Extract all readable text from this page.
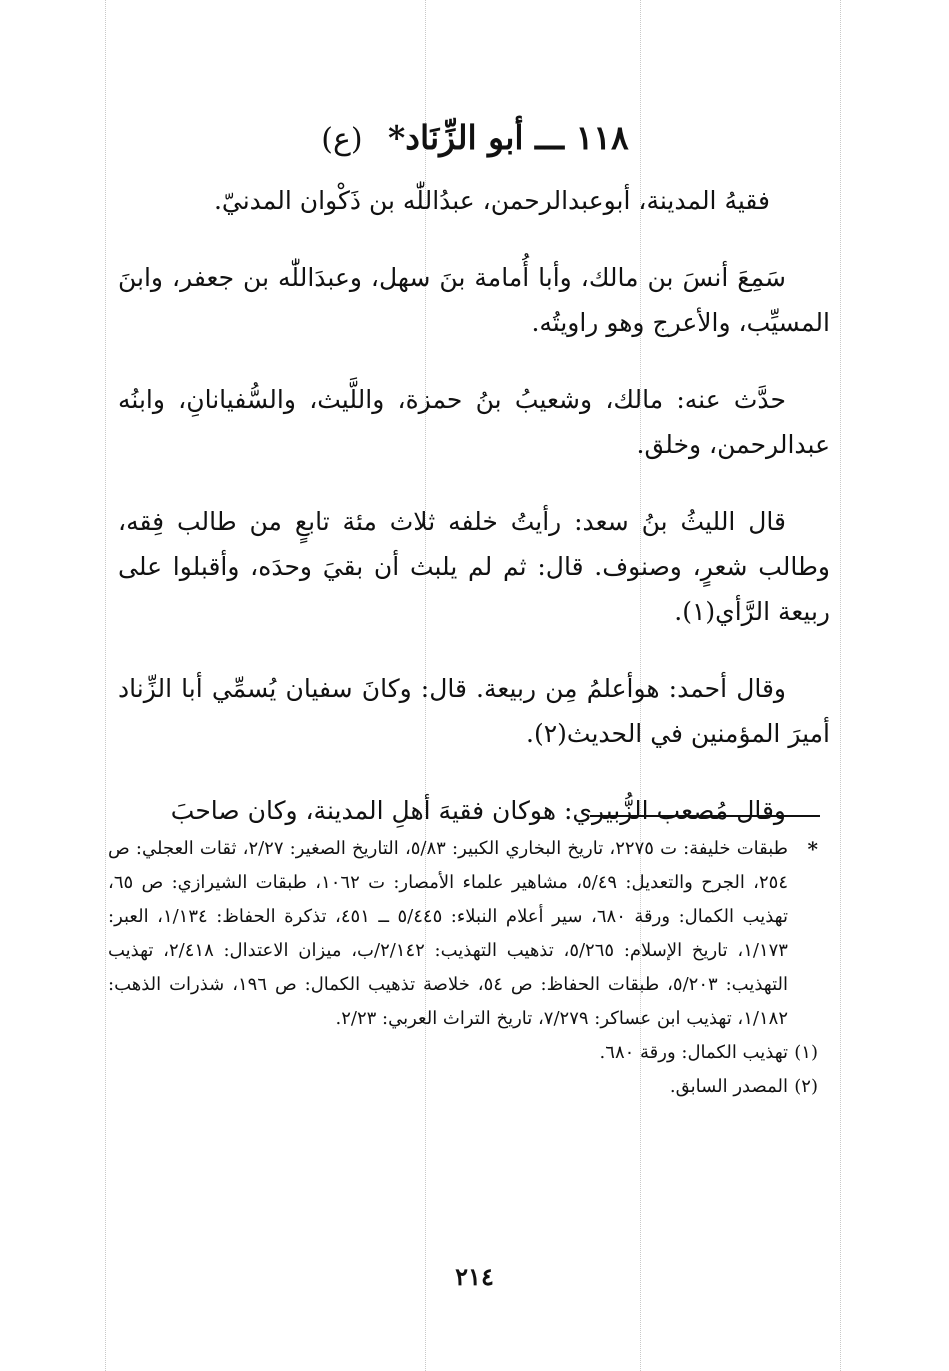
١١٨ ـــ أبو الزِّنَاد* (ع)

فقيهُ المدينة، أبوعبدالرحمن، عبدُاللّٰه بن ذَكْوان المدنيّ.

سَمِعَ أنسَ بن مالك، وأبا أُمامة بنَ سهل، وعبدَاللّٰه بن جعفر، وابنَ المسيِّب، والأعرج وهو راويتُه.

حدَّث عنه: مالك، وشعيبُ بنُ حمزة، واللَّيث، والسُّفيانانِ، وابنُه عبدالرحمن، وخلق.

قال الليثُ بنُ سعد: رأيتُ خلفه ثلاث مئة تابعٍ من طالب فِقه، وطالب شعرٍ، وصنوف. قال: ثم لم يلبث أن بقيَ وحدَه، وأقبلوا على ربيعة الرَّأي(١).

وقال أحمد: هوأعلمُ مِن ربيعة. قال: وكانَ سفيان يُسمِّي أبا الزِّناد أميرَ المؤمنين في الحديث(٢).

وقال مُصعب الزُّبيري: هوكان فقيهَ أهلِ المدينة، وكان صاحبَ

*
طبقات خليفة: ت ٢٢٧٥، تاريخ البخاري الكبير: ٥/٨٣، التاريخ الصغير: ٢/٢٧، ثقات العجلي: ص ٢٥٤، الجرح والتعديل: ٥/٤٩، مشاهير علماء الأمصار: ت ١٠٦٢، طبقات الشيرازي: ص ٦٥، تهذيب الكمال: ورقة ٦٨٠، سير أعلام النبلاء: ٥/٤٤٥ ــ ٤٥١، تذكرة الحفاظ: ١/١٣٤، العبر: ١/١٧٣، تاريخ الإسلام: ٥/٢٦٥، تذهيب التهذيب: ٢/١٤٢/ب، ميزان الاعتدال: ٢/٤١٨، تهذيب التهذيب: ٥/٢٠٣، طبقات الحفاظ: ص ٥٤، خلاصة تذهيب الكمال: ص ١٩٦، شذرات الذهب: ١/١٨٢، تهذيب ابن عساكر: ٧/٢٧٩، تاريخ التراث العربي: ٢/٢٣.

(١)
تهذيب الكمال: ورقة ٦٨٠.

(٢)
المصدر السابق.

٢١٤
